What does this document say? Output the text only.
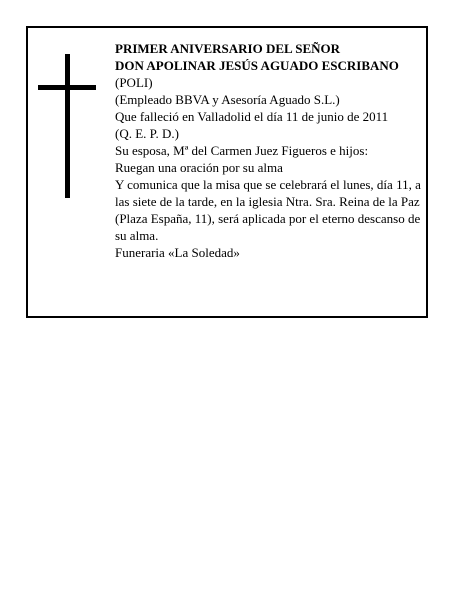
PRIMER ANIVERSARIO DEL SEÑOR
DON APOLINAR JESÚS AGUADO ESCRIBANO
(POLI)
(Empleado BBVA y Asesoría Aguado S.L.)
Que falleció en Valladolid el día 11 de junio de 2011
(Q. E. P. D.)
Su esposa, Mª del Carmen Juez Figueros e hijos:
Ruegan una oración por su alma
Y comunica que la misa que se celebrará el lunes, día 11, a las siete de la tarde, en la iglesia Ntra. Sra. Reina de la Paz (Plaza España, 11), será aplicada por el eterno descanso de su alma.
Funeraria «La Soledad»
